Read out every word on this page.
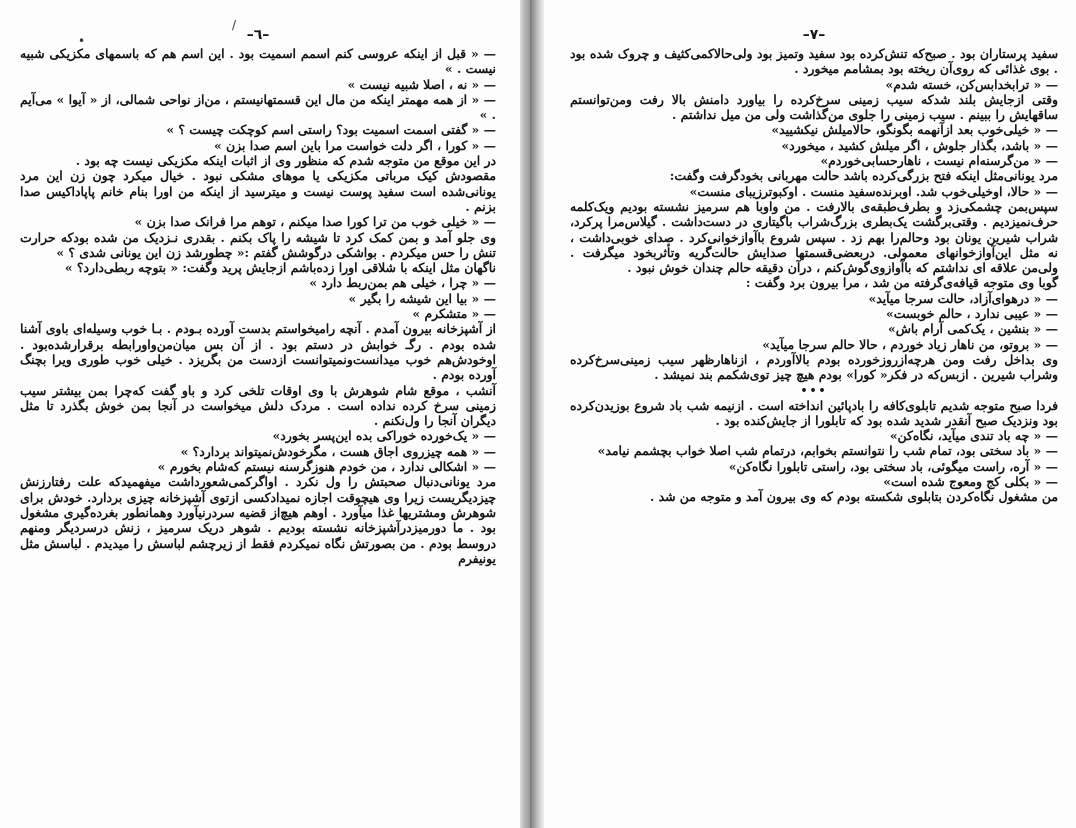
•
/
–٦–

— « قبل از اینکه عروسی کنم اسمم اسمیت بود . این اسم هم که باسمهای مکزیکی شبیه نیست . »

— « نه ، اصلا شبیه نیست »

— « از همه مهمتر اینکه من مال این قسمتهانیستم ، من‌از نواحی شمالی، از « آیوا » می‌آیم . »

— « گفتی اسمت اسمیت بود؟ راستی اسم کوچکت چیست ؟ »

— « کورا ، اگر دلت خواست مرا باین اسم صدا بزن »

در این موقع من متوجه شدم که منظور وی از اثبات اینکه مکزیکی نیست چه بود .

مقصودش کیک مرباتی مکزیکی یا موهای مشکی نبود . خیال میکرد چون زن این مرد یونانی‌شده است سفید پوست نیست و میترسید از اینکه من اورا بنام خانم پاپاداکیس صدا بزنم .

— « خیلی خوب من ترا کورا صدا میکنم ، توهم مرا فرانک صدا بزن »

وی جلو آمد و بمن کمک کرد تا شیشه را پاک بکنم . بقدری نـزدیک من شده بودکه حرارت تنش را حس میکردم . بواشکی درگوشش گفتم :« چطورشد زن این یونانی شدی ؟ »

ناگهان مثل اینکه با شلاقی اورا زده‌باشم ازجایش پرید وگفت: « بتوچه ربطی‌دارد؟ »

— « چرا ، خیلی هم بمن‌ربط دارد »

— « بیا این شیشه را بگیر »

— « متشکرم »

از آشپزخانه بیرون آمدم . آنچه رامیخواستم بدست آورده بـودم . بـا خوب وسیله‌ای باوی آشنا شده بودم . رگـ خوابش در دستم بود . از آن بس میان‌من‌واورابطه برقرارشده‌بود . اوخودش‌هم خوب میدانست‌ونمیتوانست ازدست من بگریزد . خیلی خوب طوری ویرا بچنگ آورده بودم .

آنشب ، موقع شام شوهرش با وی اوقات تلخی کرد و باو گفت که‌چرا بمن بیشتر سیب زمینی سرخ کرده نداده است . مردک دلش میخواست در آنجا بمن خوش بگذرد تا مثل دیگران آنجا را ول‌نکنم .

— « یک‌خورده خوراکی بده این‌پسر بخورد»

— « همه چیزروی اجاق هست ، مگرخودش‌نمیتواند بردارد؟ »

— « اشکالی ندارد ، من خودم هنوزگرسنه نیستم که‌شام بخورم »

مرد یونانی‌دنبال صحبتش را ول نکرد . اواگرکمی‌شعورداشت میفهمیدکه علت رفتارزنش چیزدیگریست زیرا وی هیچوقت اجازه نمیدادکسی ازتوی آشپزخانه چیزی بردارد. خودش برای شوهرش ومشتریها غذا میآورد . اوهم هیچ‌از قضیه سردرنیآورد وهمانطور بغرده‌گیری مشغول بود . ما دورمیزدرآشپزخانه نشسته بودیم . شوهر دریک سرمیز ، زنش درسردیگر ومنهم دروسط بودم . من بصورتش نگاه نمیکردم فقط از زیرچشم لباسش را میدیدم . لباسش مثل یونیفرم

–٧–

سفید پرستاران بود . صبح‌که تنش‌کرده بود سفید وتمیز بود ولی‌حالاکمی‌کثیف و چروک شده بود . بوی غذائی که روی‌آن ریخته بود بمشامم میخورد .

— « ترابخدابس‌کن، خسته شدم»

وقتی ازجایش بلند شدکه سیب زمینی سرخ‌کرده را بیاورد دامنش بالا رفت ومن‌توانستم ساقهایش را ببینم . سیب زمینی را جلوی من‌گذاشت ولی من میل نداشتم .

— « خیلی‌خوب بعد ازآنهمه بگونگو، حالامیلش نیکشیید»

— « باشد، بگذار جلوش ، اگر میلش کشید ، میخورد»

— « من‌گرسنه‌ام نیست ، ناهارحسابی‌خوردم»

مرد یونانی‌مثل اینکه فتح بزرگی‌کرده باشد حالت مهربانی بخودگرفت وگفت:

— « حالا، اوخیلی‌خوب شد. اوبرنده‌سفید منست . اوکبوترزیبای منست»

سپس‌بمن چشمکی‌زد و بطرف‌طبقه‌ی بالارفت . من واوبا هم سرمیز نشسته بودیم ویک‌کلمه حرف‌نمیزدیم . وقتی‌برگشت یک‌بطری بزرگ‌شراب باگیتاری در دست‌داشت . گیلاس‌مرا پرکرد، شراب شیرین یونان بود وحالم‌را بهم زد . سپس شروع باآوازخوانی‌کرد . صدای خوبی‌داشت ، نه مثل این‌آوازخوانهای معمولی. دربعضی‌قسمتها صدایش حالت‌گریه وتأثربخود میگرفت . ولی‌من علاقه ای نداشتم که باآوازوی‌گوش‌کنم ، درآن دقیقه حالم چندان خوش نبود .

گوبا وی متوجه قیافه‌ی‌گرفته من شد ، مرا بیرون برد وگفت :

— « درهوای‌آزاد، حالت سرجا میآید»

— « عیبی ندارد ، حالم خوبست»

— « بنشین ، یک‌کمی آرام باش»

— « بروتو، من ناهار زیاد خوردم ، حالا حالم سرجا میآید»

وی بداخل رفت ومن هرچه‌ازروزخورده بودم بالاآوردم ، ازناهارظهر سیب زمینی‌سرخ‌کرده وشراب شیرین . ازبس‌که در فکر« کورا» بودم هیچ چیز توی‌شکمم بند نمیشد .

•••

فردا صبح متوجه شدیم تابلوی‌کافه را بادپائین انداخته است . ازنیمه شب باد شروع بوزیدن‌کرده بود ونزدیک صبح آنقدر شدید شده بود که تابلورا از جایش‌کنده بود .

— « چه باد تندی میآید، نگاه‌کن»

— « باد سختی بود، تمام شب را نتوانستم بخوابم، درتمام شب اصلا خواب بچشمم نیامد»

— « آره، راست میگوئی، باد سختی بود، راستی تابلورا نگاه‌کن»

— « بکلی کج ومعوج شده است»

من مشغول نگاه‌کردن بتابلوی شکسته بودم که وی بیرون آمد و متوجه من شد .
